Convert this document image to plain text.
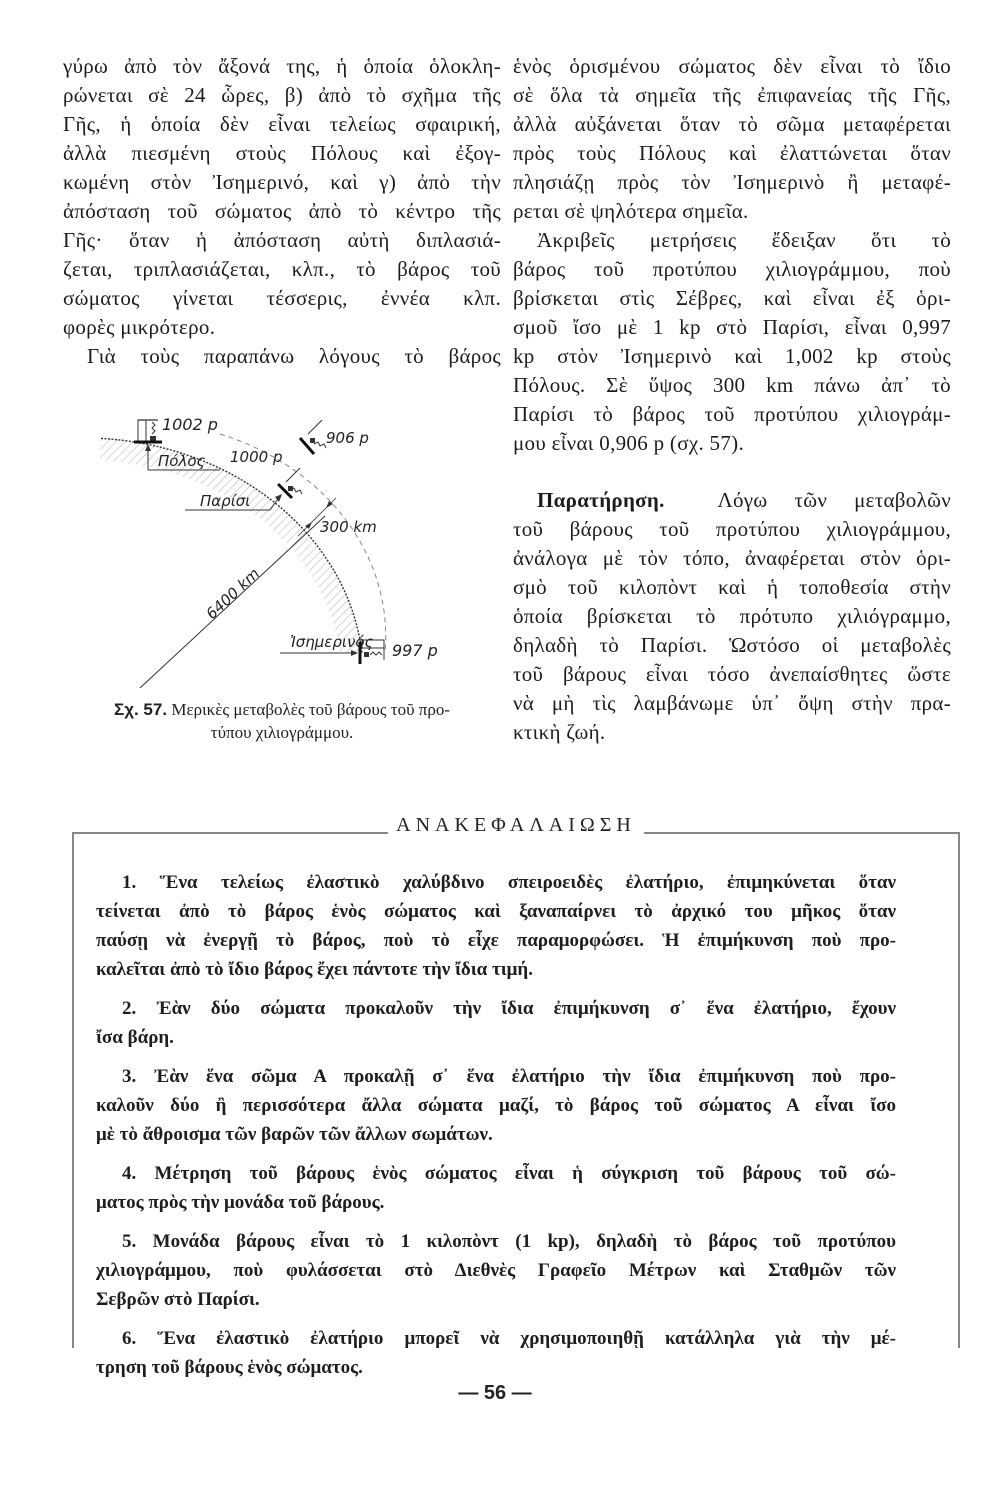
γύρω ἀπὸ τὸν ἄξονά της, ἡ ὁποία ὁλοκλη-
ρώνεται σὲ 24 ὧρες, β) ἀπὸ τὸ σχῆμα τῆς
Γῆς, ἡ ὁποία δὲν εἶναι τελείως σφαιρική,
ἀλλὰ πιεσμένη στοὺς Πόλους καὶ ἐξογ-
κωμένη στὸν Ἰσημερινό, καὶ γ) ἀπὸ τὴν
ἀπόσταση τοῦ σώματος ἀπὸ τὸ κέντρο τῆς
Γῆς· ὅταν ἡ ἀπόσταση αὐτὴ διπλασιά-
ζεται, τριπλασιάζεται, κλπ., τὸ βάρος τοῦ
σώματος γίνεται τέσσερις, ἐννέα κλπ.
φορὲς μικρότερο.
Γιὰ τοὺς παραπάνω λόγους τὸ βάρος
ἑνὸς ὁρισμένου σώματος δὲν εἶναι τὸ ἴδιο
σὲ ὅλα τὰ σημεῖα τῆς ἐπιφανείας τῆς Γῆς,
ἀλλὰ αὐξάνεται ὅταν τὸ σῶμα μεταφέρεται
πρὸς τοὺς Πόλους καὶ ἐλαττώνεται ὅταν
πλησιάζῃ πρὸς τὸν Ἰσημερινὸ ἢ μεταφέ-
ρεται σὲ ψηλότερα σημεῖα.
Ἀκριβεῖς μετρήσεις ἔδειξαν ὅτι τὸ
βάρος τοῦ προτύπου χιλιογράμμου, ποὺ
βρίσκεται στὶς Σέβρες, καὶ εἶναι ἐξ ὁρι-
σμοῦ ἴσο μὲ 1 kp στὸ Παρίσι, εἶναι 0,997
kp στὸν Ἰσημερινὸ καὶ 1,002 kp στοὺς
Πόλους. Σὲ ὕψος 300 km πάνω ἀπ᾽ τὸ
Παρίσι τὸ βάρος τοῦ προτύπου χιλιογράμ-
μου εἶναι 0,906 p (σχ. 57).
Παρατήρηση.	Λόγω τῶν μεταβολῶν
τοῦ βάρους τοῦ προτύπου χιλιογράμμου,
ἀνάλογα μὲ τὸν τόπο, ἀναφέρεται στὸν ὁρι-
σμὸ τοῦ κιλοπὸντ καὶ ἡ τοποθεσία στὴν
ὁποία βρίσκεται τὸ πρότυπο χιλιόγραμμο,
δηλαδὴ τὸ Παρίσι. Ὡστόσο οἱ μεταβολὲς
τοῦ βάρους εἶναι τόσο ἀνεπαίσθητες ὥστε
νὰ μὴ τὶς λαμβάνωμε ὑπ᾽ ὄψη στὴν πρα-
κτικὴ ζωή.
1002 p
Πόλος 1000 p
906 p
Παρίσι
300 km
6400 km
Ἰσημερινός 997 p
Σχ. 57. Μερικὲς μεταβολὲς τοῦ βάρους τοῦ προ-
τύπου χιλιογράμμου.
ΑΝΑΚΕΦΑΛΑΙΩΣΗ
1. Ἕνα τελείως ἐλαστικὸ χαλύβδινο σπειροειδὲς ἐλατήριο, ἐπιμηκύνεται ὅταν
τείνεται ἀπὸ τὸ βάρος ἑνὸς σώματος καὶ ξαναπαίρνει τὸ ἀρχικό του μῆκος ὅταν
παύσῃ νὰ ἐνεργῇ τὸ βάρος, ποὺ τὸ εἶχε παραμορφώσει. Ἡ ἐπιμήκυνση ποὺ προ-
καλεῖται ἀπὸ τὸ ἴδιο βάρος ἔχει πάντοτε τὴν ἴδια τιμή.
2. Ἐὰν δύο σώματα προκαλοῦν τὴν ἴδια ἐπιμήκυνση σ᾽ ἕνα ἐλατήριο, ἔχουν
ἴσα βάρη.
3. Ἐὰν ἕνα σῶμα Α προκαλῇ σ᾽ ἕνα ἐλατήριο τὴν ἴδια ἐπιμήκυνση ποὺ προ-
καλοῦν δύο ἢ περισσότερα ἄλλα σώματα μαζί, τὸ βάρος τοῦ σώματος Α εἶναι ἴσο
μὲ τὸ ἄθροισμα τῶν βαρῶν τῶν ἄλλων σωμάτων.
4. Μέτρηση τοῦ βάρους ἑνὸς σώματος εἶναι ἡ σύγκριση τοῦ βάρους τοῦ σώ-
ματος πρὸς τὴν μονάδα τοῦ βάρους.
5. Μονάδα βάρους εἶναι τὸ 1 κιλοπὸντ (1 kp), δηλαδὴ τὸ βάρος τοῦ προτύπου
χιλιογράμμου, ποὺ φυλάσσεται στὸ Διεθνὲς Γραφεῖο Μέτρων καὶ Σταθμῶν τῶν
Σεβρῶν στὸ Παρίσι.
6. Ἕνα ἐλαστικὸ ἐλατήριο μπορεῖ νὰ χρησιμοποιηθῇ κατάλληλα γιὰ τὴν μέ-
τρηση τοῦ βάρους ἑνὸς σώματος.
— 56 —
